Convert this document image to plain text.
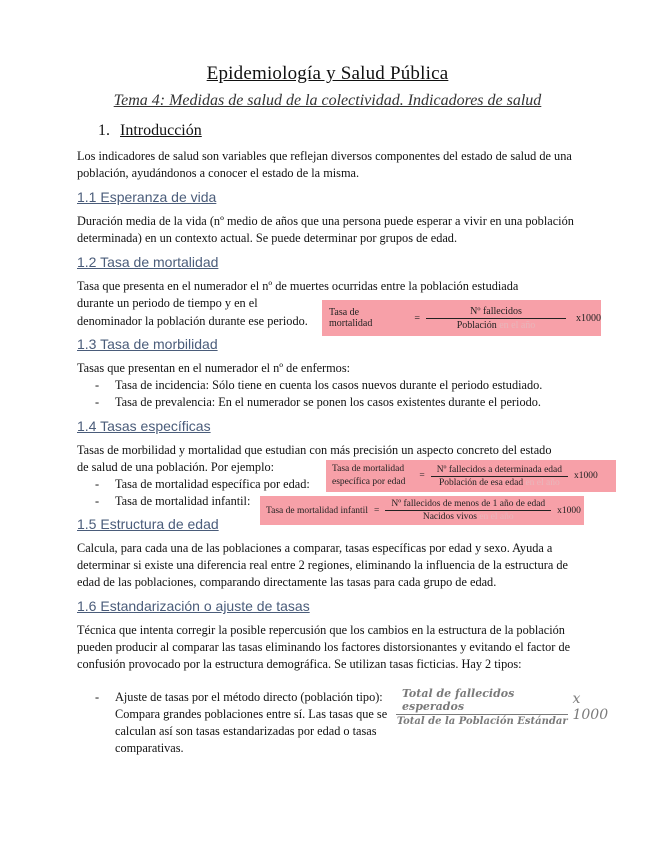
Epidemiología y Salud Pública
Tema 4: Medidas de salud de la colectividad. Indicadores de salud
1. Introducción
Los indicadores de salud son variables que reflejan diversos componentes del estado de salud de una población, ayudándonos a conocer el estado de la misma.
1.1 Esperanza de vida
Duración media de la vida (nº medio de años que una persona puede esperar a vivir en una población determinada) en un contexto actual. Se puede determinar por grupos de edad.
1.2 Tasa de mortalidad
Tasa que presenta en el numerador el nº de muertes ocurridas entre la población estudiada
durante un periodo de tiempo y en el
denominador la población durante ese periodo.
Tasa de mortalidad	= $\frac{\text{Nº fallecidos}}{\text{Población en el año}} x1000$
1.3 Tasa de morbilidad
Tasas que presentan en el numerador el nº de enfermos:
- Tasa de incidencia: Sólo tiene en cuenta los casos nuevos durante el periodo estudiado.
- Tasa de prevalencia: En el numerador se ponen los casos existentes durante el periodo.
1.4 Tasas específicas
Tasas de morbilidad y mortalidad que estudian con más precisión un aspecto concreto del estado
de salud de una población. Por ejemplo:
- Tasa de mortalidad específica por edad:
- Tasa de mortalidad infantil:
Tasa de mortalidad
específica por edad
= $\frac{\text{Nº fallecidos a determinada edad}}{\text{Población de esa edad en el año}} x1000$
Tasa de mortalidad infantil = $\frac{\text{Nº fallecidos de menos de 1 año de edad}}{\text{Nacidos vivos en el año}} x1000$
1.5 Estructura de edad
Calcula, para cada una de las poblaciones a comparar, tasas específicas por edad y sexo. Ayuda a determinar si existe una diferencia real entre 2 regiones, eliminando la influencia de la estructura de edad de las poblaciones, comparando directamente las tasas para cada grupo de edad.
1.6 Estandarización o ajuste de tasas
Técnica que intenta corregir la posible repercusión que los cambios en la estructura de la población pueden producir al comparar las tasas eliminando los factores distorsionantes y evitando el factor de confusión provocado por la estructura demográfica. Se utilizan tasas ficticias. Hay 2 tipos:
- Ajuste de tasas por el método directo (población tipo): Compara grandes poblaciones entre sí. Las tasas que se calculan así son tasas estandarizadas por edad o tasas comparativas.
$\frac{\text{Total de fallecidos esperados}}{\text{Total de la Población Estándar}}$ x 1000
